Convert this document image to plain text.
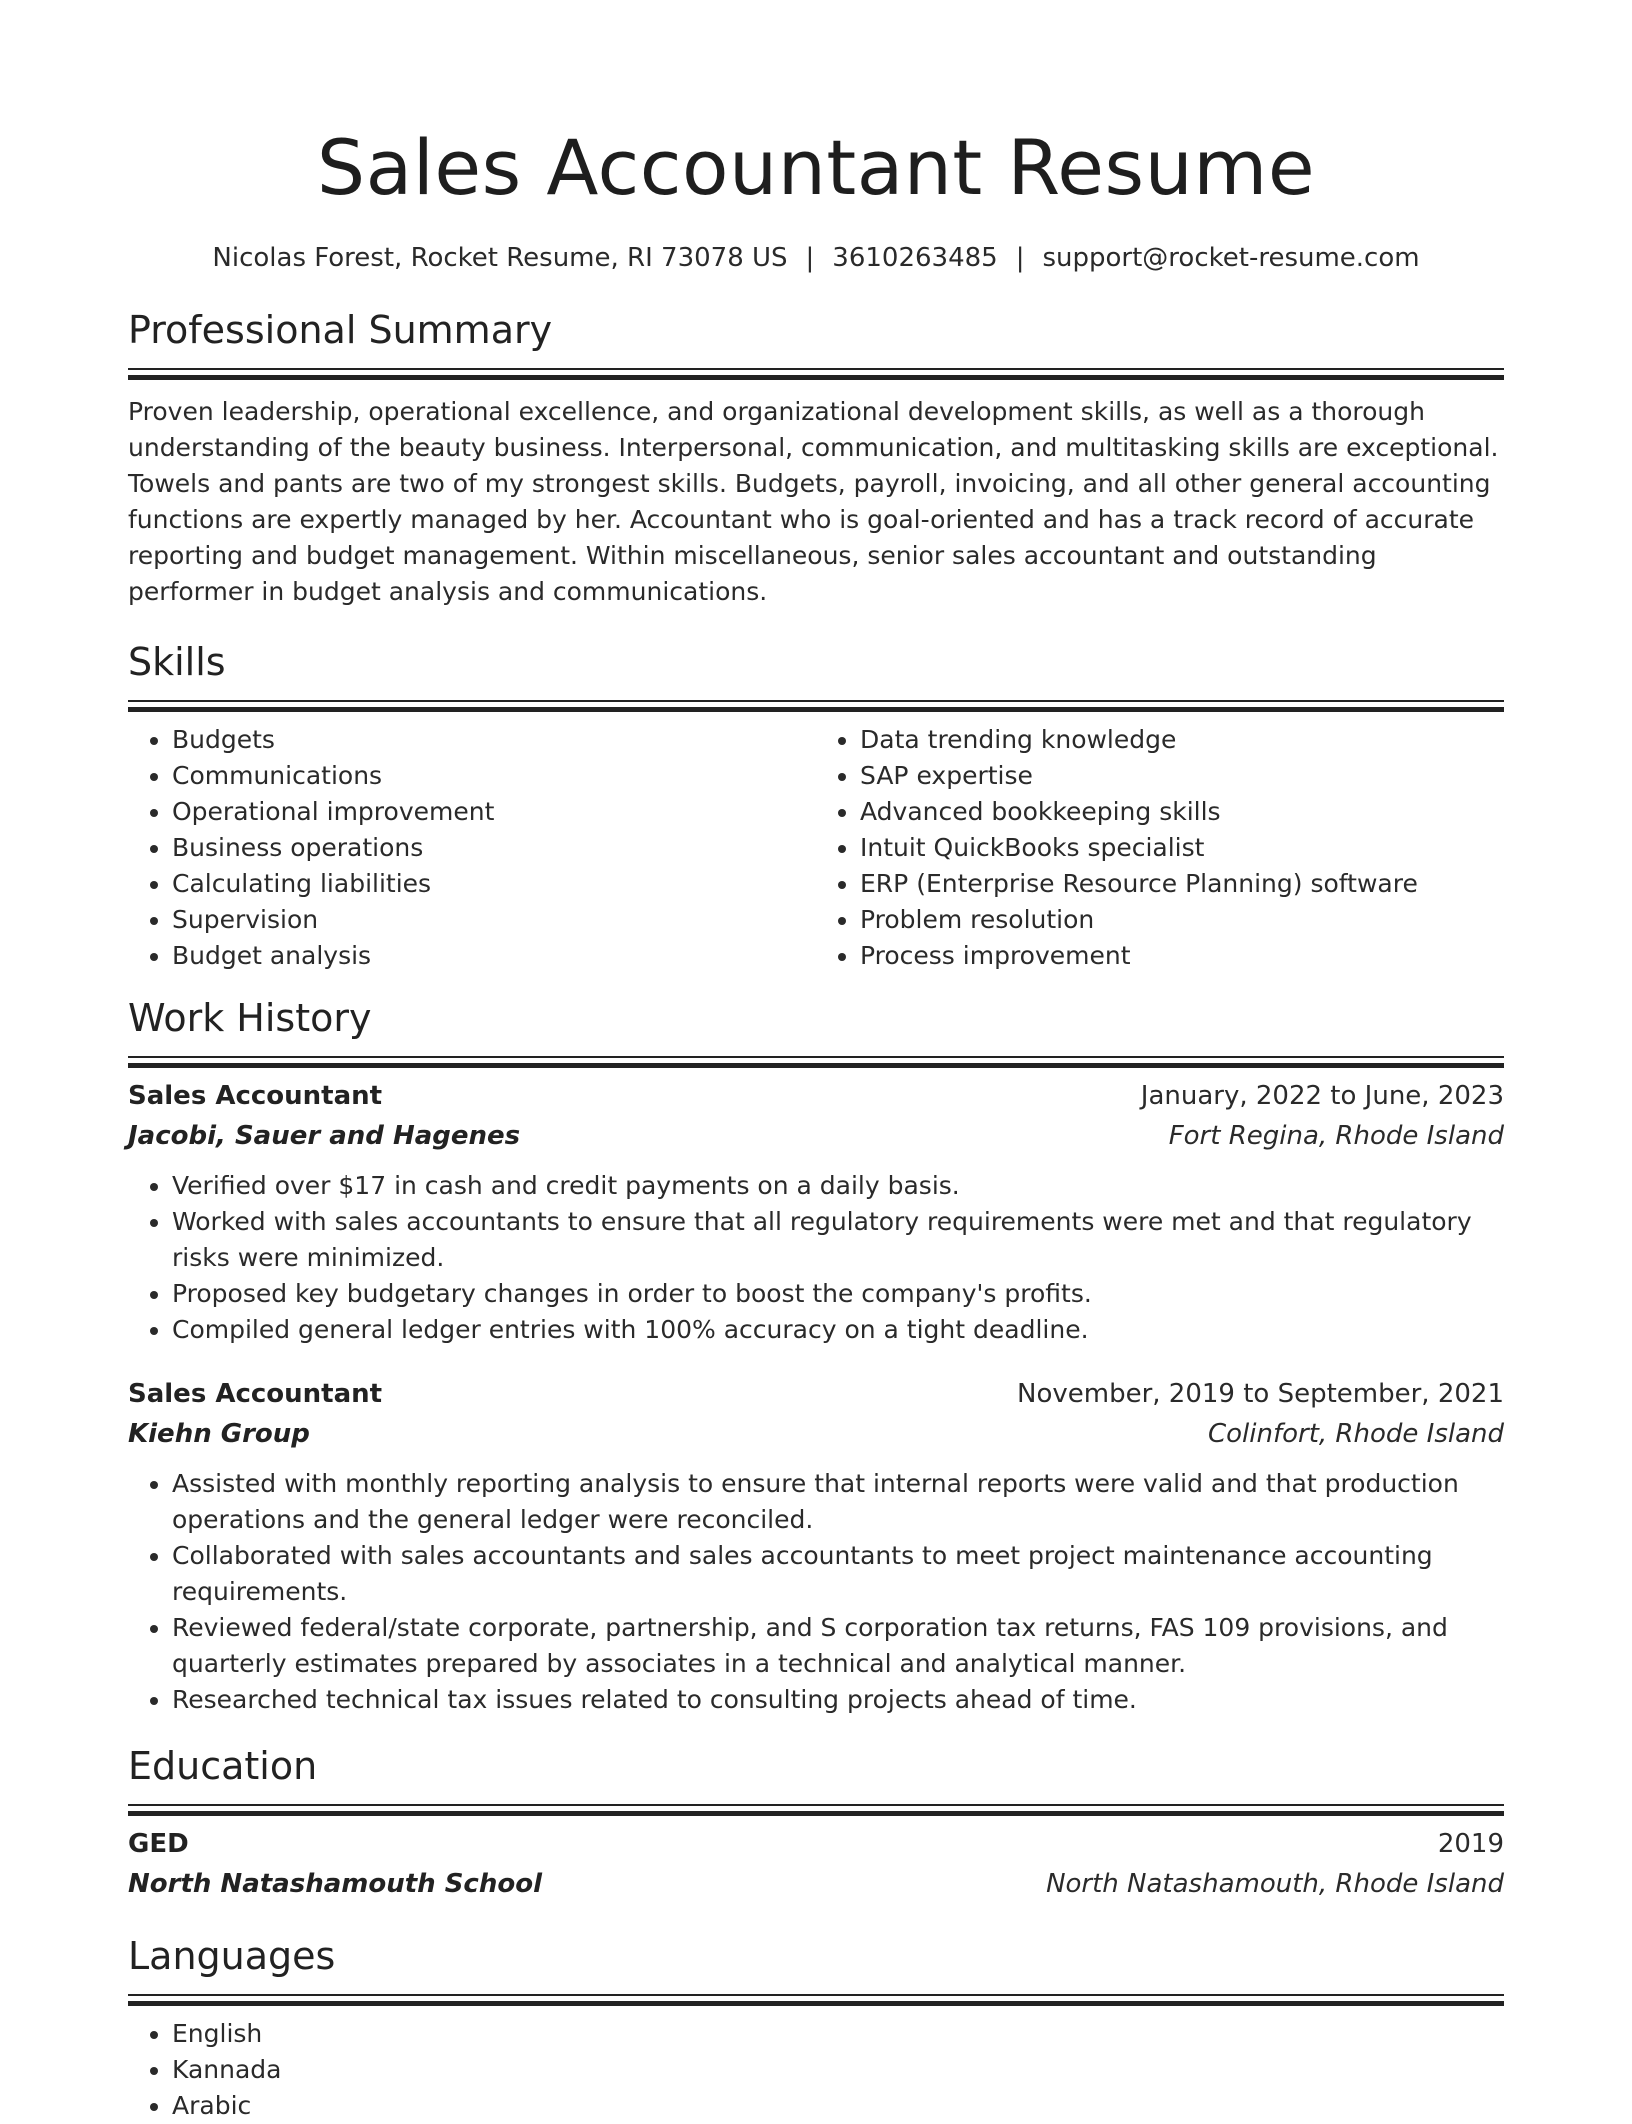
Sales Accountant Resume
Nicolas Forest, Rocket Resume, RI 73078 US | 3610263485 | support@rocket-resume.com
Professional Summary

Proven leadership, operational excellence, and organizational development skills, as well as a thorough understanding of the beauty business. Interpersonal, communication, and multitasking skills are exceptional. Towels and pants are two of my strongest skills. Budgets, payroll, invoicing, and all other general accounting functions are expertly managed by her. Accountant who is goal-oriented and has a track record of accurate reporting and budget management. Within miscellaneous, senior sales accountant and outstanding performer in budget analysis and communications.

Skills
• Budgets
• Communications
• Operational improvement
• Business operations
• Calculating liabilities
• Supervision
• Budget analysis
• Data trending knowledge
• SAP expertise
• Advanced bookkeeping skills
• Intuit QuickBooks specialist
• ERP (Enterprise Resource Planning) software
• Problem resolution
• Process improvement
Work History
Sales Accountant	January, 2022 to June, 2023
Jacobi, Sauer and Hagenes	Fort Regina, Rhode Island
• Verified over $17 in cash and credit payments on a daily basis.
• Worked with sales accountants to ensure that all regulatory requirements were met and that regulatory risks were minimized.
• Proposed key budgetary changes in order to boost the company's profits.
• Compiled general ledger entries with 100% accuracy on a tight deadline.
Sales Accountant	November, 2019 to September, 2021
Kiehn Group	Colinfort, Rhode Island
• Assisted with monthly reporting analysis to ensure that internal reports were valid and that production operations and the general ledger were reconciled.
• Collaborated with sales accountants and sales accountants to meet project maintenance accounting requirements.
• Reviewed federal/state corporate, partnership, and S corporation tax returns, FAS 109 provisions, and quarterly estimates prepared by associates in a technical and analytical manner.
• Researched technical tax issues related to consulting projects ahead of time.
Education
GED	2019
North Natashamouth School	North Natashamouth, Rhode Island
Languages
• English
• Kannada
• Arabic
